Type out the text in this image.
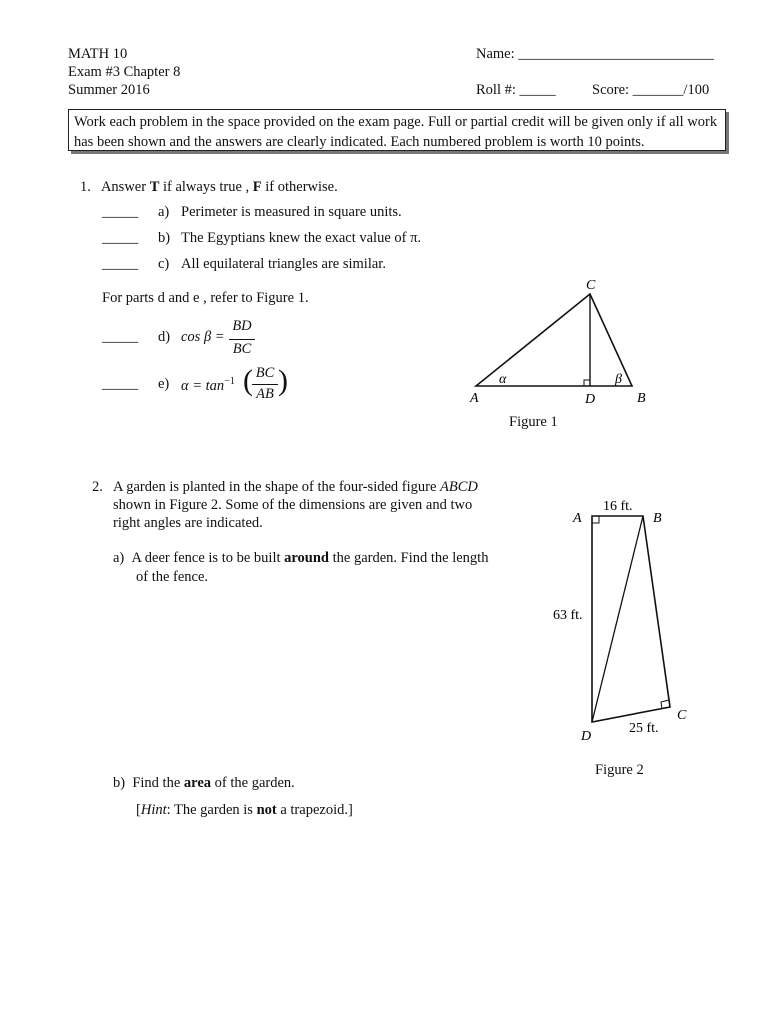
MATH 10
Exam #3 Chapter 8
Summer 2016
Name: ___________________________
Roll #: _____ Score: _______/100
Work each problem in the space provided on the exam page. Full or partial credit will be given only if all work has been shown and the answers are clearly indicated. Each numbered problem is worth 10 points.
1. Answer T if always true , F if otherwise.
_____ a) Perimeter is measured in square units.
_____ b) The Egyptians knew the exact value of π.
_____ c) All equilateral triangles are similar.
For parts d and e , refer to Figure 1.
_____ d) cos β =
BD
BC
_____ e) $\alpha = \tan^{-1}$ ( BC
AB )
C
A	D	B
α	β
Figure 1
2. A garden is planted in the shape of the four-sided figure ABCD
shown in Figure 2. Some of the dimensions are given and two
right angles are indicated.
a) A deer fence is to be built around the garden. Find the length
of the fence.
b) Find the area of the garden.
[Hint: The garden is not a trapezoid.]
A	B
C
D
16 ft.
63 ft.
25 ft.
Figure 2
